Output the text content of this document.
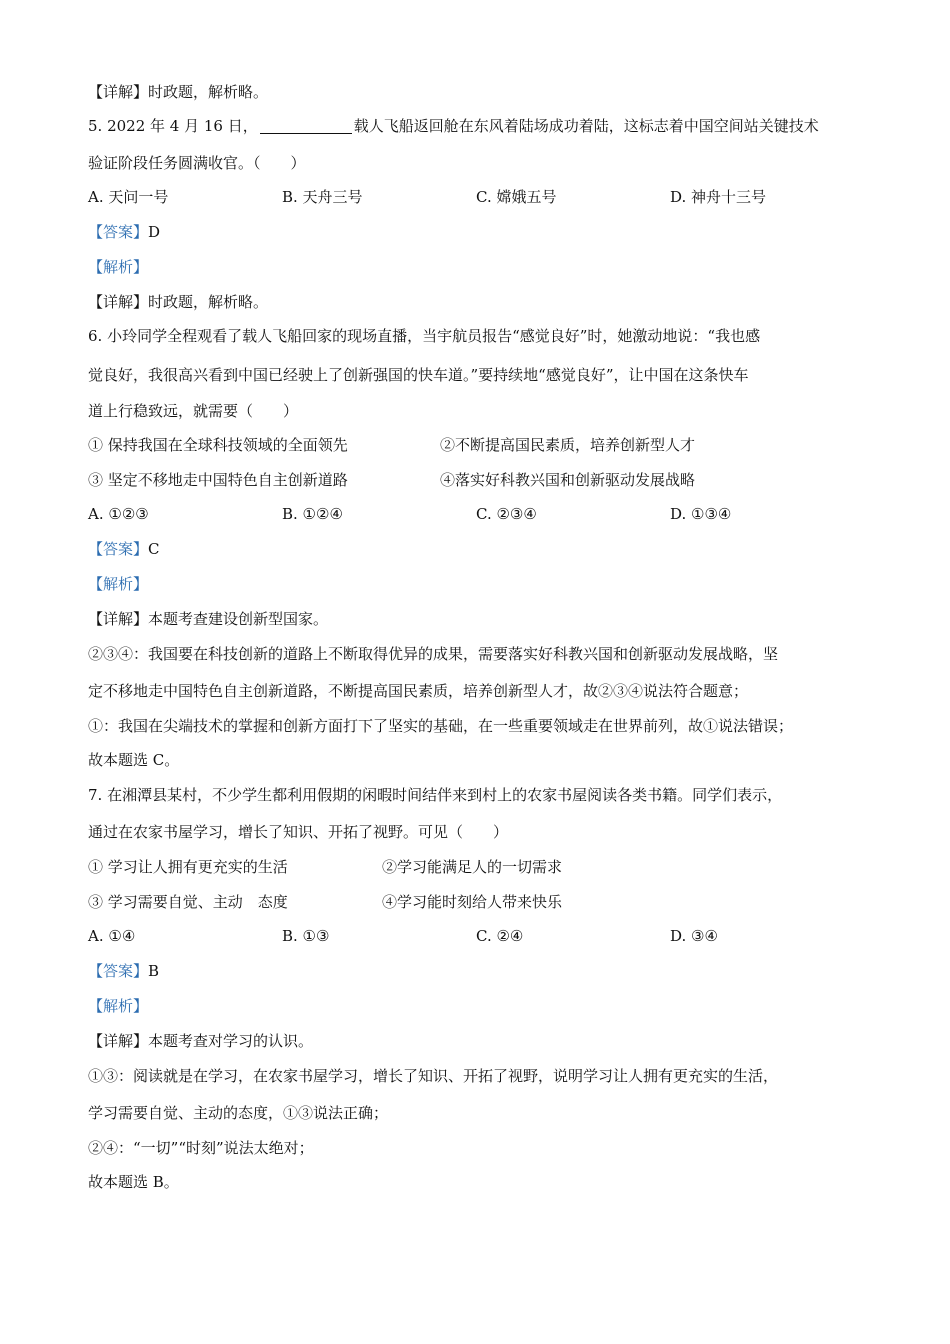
【详解】时政题，解析略。
5. 2022 年 4 月 16 日，	载人飞船返回舱在东风着陆场成功着陆，这标志着中国空间站关键技术
验证阶段任务圆满收官。（　　）
A. 天问一号	B. 天舟三号	C. 嫦娥五号	D. 神舟十三号
【答案】D
【解析】
【详解】时政题，解析略。
6. 小玲同学全程观看了载人飞船回家的现场直播，当宇航员报告“感觉良好”时，她激动地说：“我也感
觉良好，我很高兴看到中国已经驶上了创新强国的快车道。”要持续地“感觉良好”，让中国在这条快车
道上行稳致远，就需要（　　）
① 保持我国在全球科技领域的全面领先	②不断提高国民素质，培养创新型人才
③ 坚定不移地走中国特色自主创新道路	④落实好科教兴国和创新驱动发展战略
A. ①②③	B. ①②④	C. ②③④	D. ①③④
【答案】C
【解析】
【详解】本题考查建设创新型国家。
②③④：我国要在科技创新的道路上不断取得优异的成果，需要落实好科教兴国和创新驱动发展战略，坚
定不移地走中国特色自主创新道路，不断提高国民素质，培养创新型人才，故②③④说法符合题意；
①：我国在尖端技术的掌握和创新方面打下了坚实的基础，在一些重要领域走在世界前列，故①说法错误；
故本题选 C。
7. 在湘潭县某村，不少学生都利用假期的闲暇时间结伴来到村上的农家书屋阅读各类书籍。同学们表示，
通过在农家书屋学习，增长了知识、开拓了视野。可见（　　）
① 学习让人拥有更充实的生活	②学习能满足人的一切需求
③ 学习需要自觉、主动　态度	④学习能时刻给人带来快乐
A. ①④	B. ①③	C. ②④	D. ③④
【答案】B
【解析】
【详解】本题考查对学习的认识。
①③：阅读就是在学习，在农家书屋学习，增长了知识、开拓了视野，说明学习让人拥有更充实的生活，
学习需要自觉、主动的态度，①③说法正确；
②④：“一切”“时刻”说法太绝对；
故本题选 B。
